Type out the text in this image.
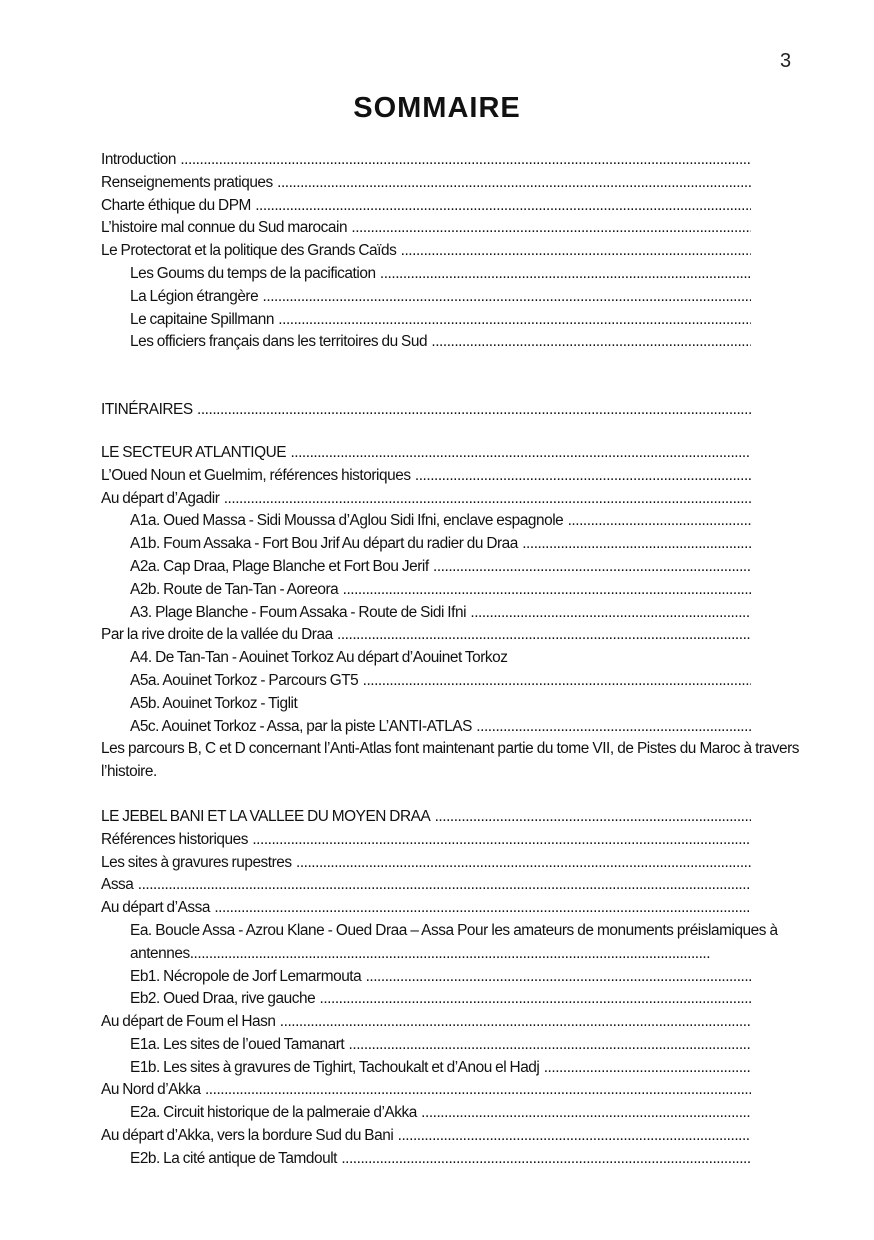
3
SOMMAIRE
Introduction .....
Renseignements pratiques .....
Charte éthique du DPM .....
L’histoire mal connue du Sud marocain .....
Le Protectorat et la politique des Grands Caïds .....
Les Goums du temps de la pacification .....
La Légion étrangère .....
Le capitaine Spillmann .....
Les officiers français dans les territoires du Sud .....
ITINÉRAIRES .....
LE SECTEUR ATLANTIQUE .....
L’Oued Noun et Guelmim, références historiques .....
Au départ d’Agadir .....
A1a. Oued Massa - Sidi Moussa d’Aglou Sidi Ifni, enclave espagnole .....
A1b. Foum Assaka - Fort Bou Jrif Au départ du radier du Draa .....
A2a. Cap Draa, Plage Blanche et Fort Bou Jerif .....
A2b. Route de Tan-Tan - Aoreora .....
A3. Plage Blanche - Foum Assaka - Route de Sidi Ifni .....
Par la rive droite de la vallée du Draa .....
A4. De Tan-Tan - Aouinet Torkoz Au départ d’Aouinet Torkoz
A5a. Aouinet Torkoz - Parcours GT5 .....
A5b. Aouinet Torkoz - Tiglit
A5c. Aouinet Torkoz - Assa, par la piste L’ANTI-ATLAS .....
Les parcours B, C et D concernant l’Anti-Atlas font maintenant partie du tome VII, de Pistes du Maroc à travers l’histoire.
LE JEBEL BANI ET LA VALLEE DU MOYEN DRAA .....
Références historiques .....
Les sites à gravures rupestres .....
Assa .....
Au départ d’Assa .....
Ea. Boucle Assa - Azrou Klane - Oued Draa – Assa Pour les amateurs de monuments préislamiques à antennes........................................................................................................................................
Eb1. Nécropole de Jorf Lemarmouta .....
Eb2. Oued Draa, rive gauche .....
Au départ de Foum el Hasn .....
E1a. Les sites de l’oued Tamanart .....
E1b. Les sites à gravures de Tighirt, Tachoukalt et d’Anou el Hadj .....
Au Nord d’Akka .....
E2a. Circuit historique de la palmeraie d’Akka .....
Au départ d’Akka, vers la bordure Sud du Bani .....
E2b. La cité antique de Tamdoult .....
